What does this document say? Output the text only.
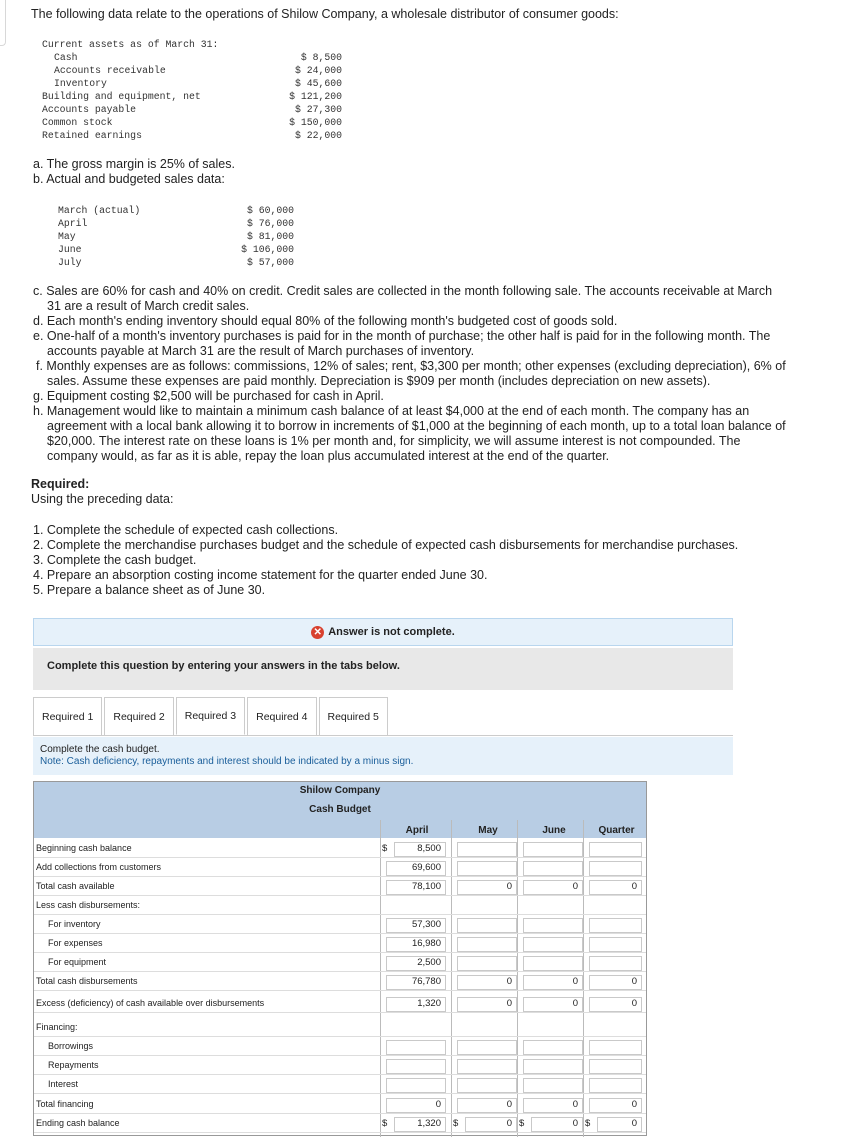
The following data relate to the operations of Shilow Company, a wholesale distributor of consumer goods:
Current assets as of March 31:
Cash	$ 8,500
Accounts receivable	$ 24,000
Inventory	$ 45,600
Building and equipment, net	$ 121,200
Accounts payable	$ 27,300
Common stock	$ 150,000
Retained earnings	$ 22,000
a. The gross margin is 25% of sales.
b. Actual and budgeted sales data:
March (actual)	$ 60,000
April	$ 76,000
May	$ 81,000
June	$ 106,000
July	$ 57,000
c. Sales are 60% for cash and 40% on credit. Credit sales are collected in the month following sale. The accounts receivable at March 31 are a result of March credit sales.
d. Each month's ending inventory should equal 80% of the following month's budgeted cost of goods sold.
e. One-half of a month's inventory purchases is paid for in the month of purchase; the other half is paid for in the following month. The accounts payable at March 31 are the result of March purchases of inventory.
f. Monthly expenses are as follows: commissions, 12% of sales; rent, $3,300 per month; other expenses (excluding depreciation), 6% of sales. Assume these expenses are paid monthly. Depreciation is $909 per month (includes depreciation on new assets).
g. Equipment costing $2,500 will be purchased for cash in April.
h. Management would like to maintain a minimum cash balance of at least $4,000 at the end of each month. The company has an agreement with a local bank allowing it to borrow in increments of $1,000 at the beginning of each month, up to a total loan balance of $20,000. The interest rate on these loans is 1% per month and, for simplicity, we will assume interest is not compounded. The company would, as far as it is able, repay the loan plus accumulated interest at the end of the quarter.
Required:
Using the preceding data:
1. Complete the schedule of expected cash collections.
2. Complete the merchandise purchases budget and the schedule of expected cash disbursements for merchandise purchases.
3. Complete the cash budget.
4. Prepare an absorption costing income statement for the quarter ended June 30.
5. Prepare a balance sheet as of June 30.
✕ Answer is not complete.
Complete this question by entering your answers in the tabs below.
Required 1	Required 2	Required 3	Required 4	Required 5
Complete the cash budget.
Note: Cash deficiency, repayments and interest should be indicated by a minus sign.
Shilow Company
Cash Budget
April	May	June	Quarter
Beginning cash balance	$	8,500
Add collections from customers	69,600
Total cash available	78,100	0	0	0
Less cash disbursements:
For inventory	57,300
For expenses	16,980
For equipment	2,500
Total cash disbursements	76,780	0	0	0
Excess (deficiency) of cash available over disbursements	1,320	0	0	0
Financing:
Borrowings
Repayments
Interest
Total financing	0	0	0	0
Ending cash balance	$	1,320	$	0 $	0 $	0
